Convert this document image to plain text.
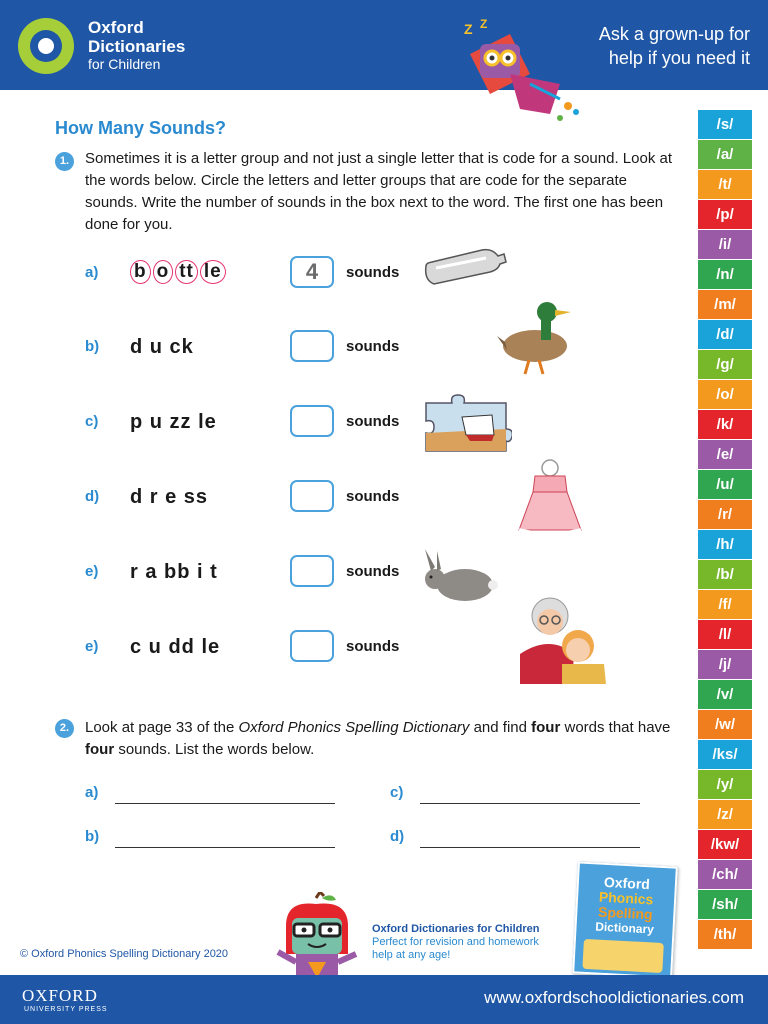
Oxford
Dictionaries
for Children
Ask a grown-up for
help if you need it
Z Z
How Many Sounds?
1.	Sometimes it is a letter group and not just a single letter that is code for a sound. Look at the words below. Circle the letters and letter groups that are code for the separate sounds. Write the number of sounds in the box next to the word. The first one has been done for you.
a) b o tt le	4	sounds
b) d u ck	sounds
c) p u zz le	sounds
d) d r e ss	sounds
e) r a bb i t	sounds
e) c u dd le	sounds
2.	Look at page 33 of the Oxford Phonics Spelling Dictionary and find four words that have four sounds. List the words below.
a)	c)
b)	d)
/s/
/a/
/t/
/p/
/i/
/n/
/m/
/d/
/g/
/o/
/k/
/e/
/u/
/r/
/h/
/b/
/f/
/l/
/j/
/v/
/w/
/ks/
/y/
/z/
/kw/
/ch/
/sh/
/th/
© Oxford Phonics Spelling Dictionary 2020
Oxford Dictionaries for Children
Perfect for revision and homework
help at any age!
Oxford
Phonics
Spelling
Dictionary
OXFORD
UNIVERSITY PRESS
www.oxfordschooldictionaries.com
